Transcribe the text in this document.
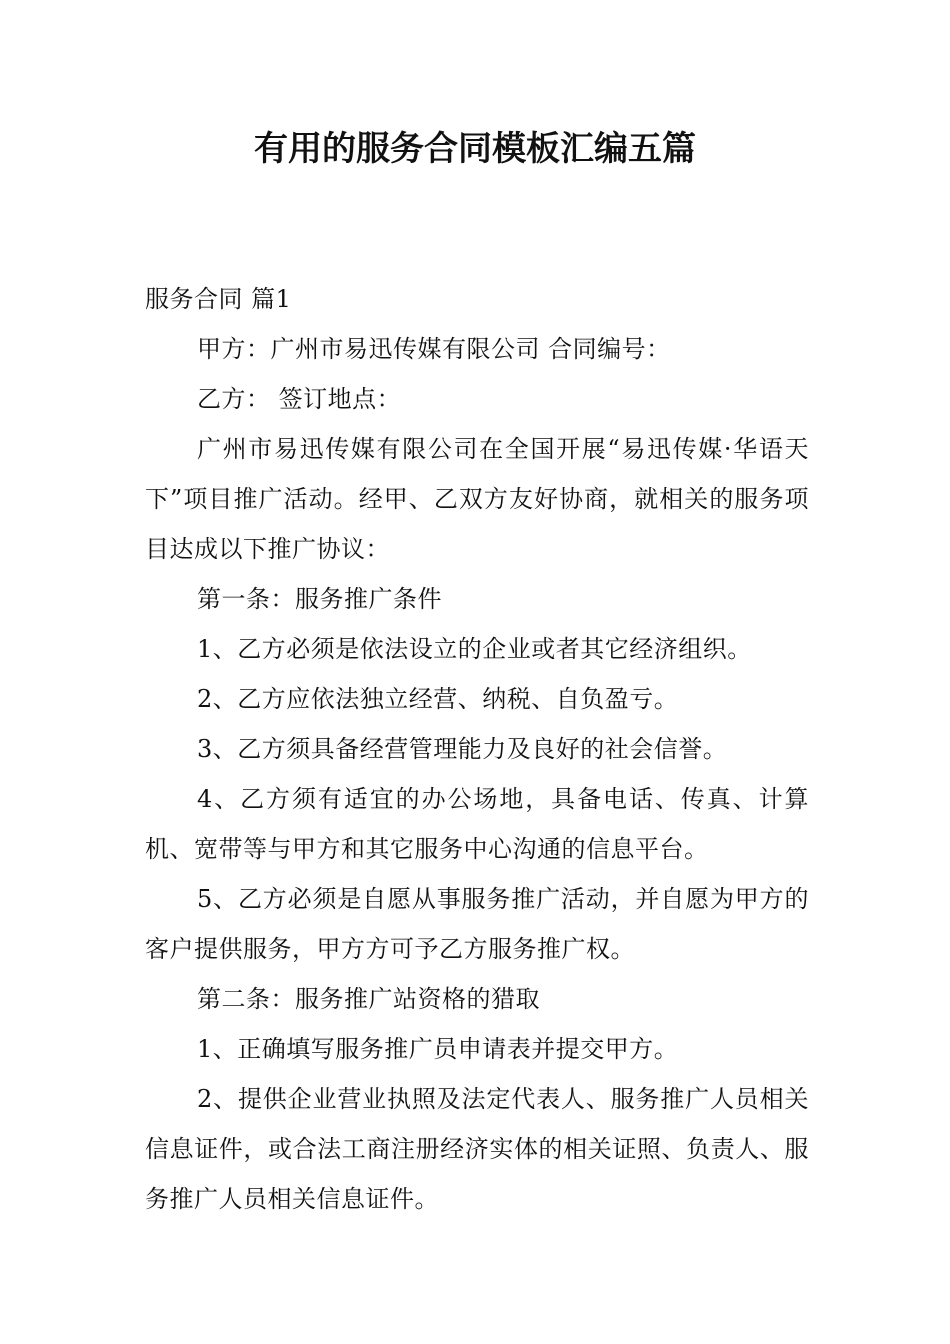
有用的服务合同模板汇编五篇

服务合同 篇1

甲方：广州市易迅传媒有限公司 合同编号：

乙方： 签订地点：

广州市易迅传媒有限公司在全国开展“易迅传媒·华语天下”项目推广活动。经甲、乙双方友好协商，就相关的服务项目达成以下推广协议：

第一条：服务推广条件

1、乙方必须是依法设立的企业或者其它经济组织。

2、乙方应依法独立经营、纳税、自负盈亏。

3、乙方须具备经营管理能力及良好的社会信誉。

4、乙方须有适宜的办公场地，具备电话、传真、计算机、宽带等与甲方和其它服务中心沟通的信息平台。

5、乙方必须是自愿从事服务推广活动，并自愿为甲方的客户提供服务，甲方方可予乙方服务推广权。

第二条：服务推广站资格的猎取

1、正确填写服务推广员申请表并提交甲方。

2、提供企业营业执照及法定代表人、服务推广人员相关信息证件，或合法工商注册经济实体的相关证照、负责人、服务推广人员相关信息证件。
